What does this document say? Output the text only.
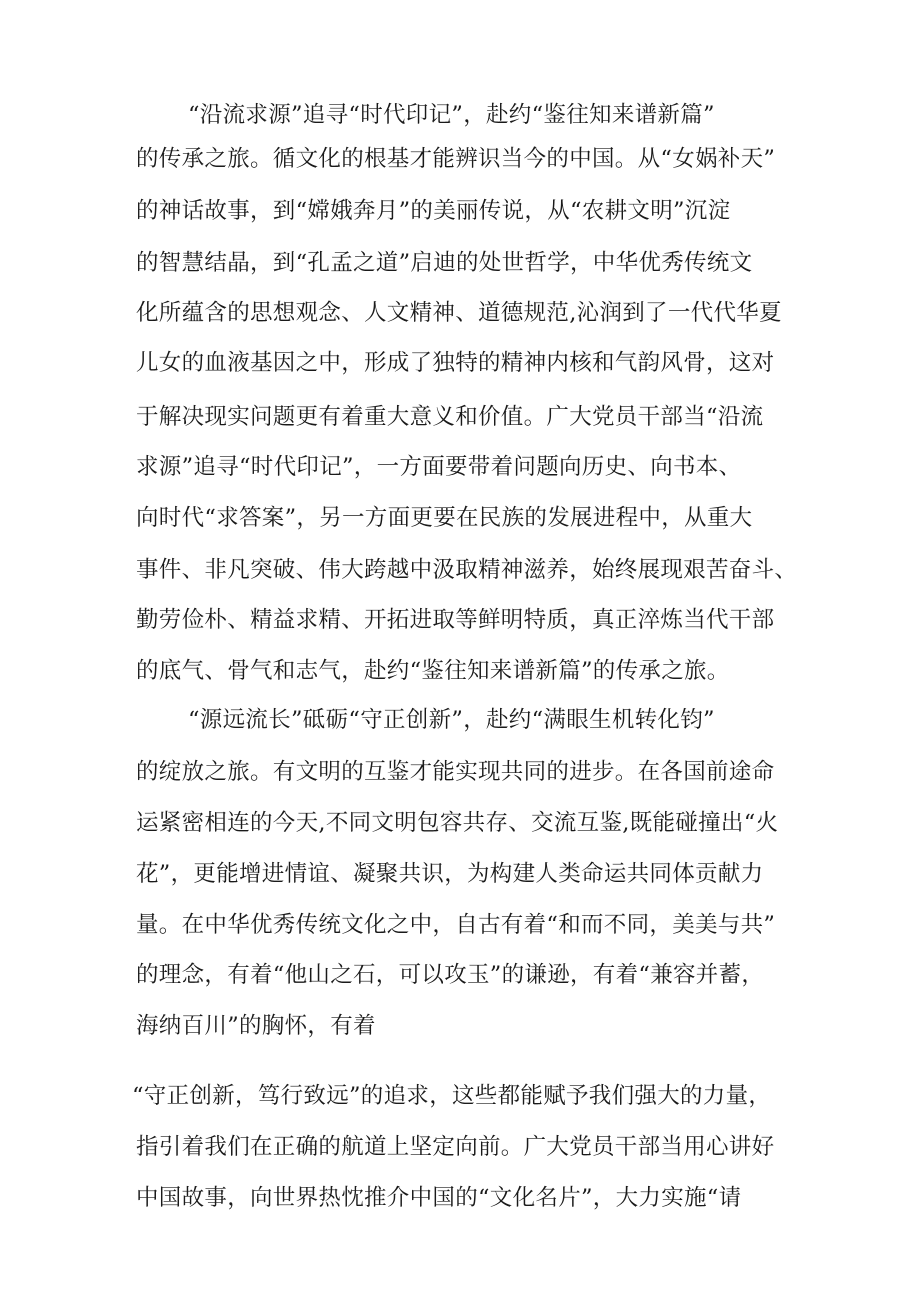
“沿流求源”追寻“时代印记”，赴约“鉴往知来谱新篇”
的传承之旅。循文化的根基才能辨识当今的中国。从“女娲补天”
的神话故事，到“嫦娥奔月”的美丽传说，从“农耕文明”沉淀
的智慧结晶，到“孔孟之道”启迪的处世哲学，中华优秀传统文
化所蕴含的思想观念、人文精神、道德规范,沁润到了一代代华夏
儿女的血液基因之中，形成了独特的精神内核和气韵风骨，这对
于解决现实问题更有着重大意义和价值。广大党员干部当“沿流
求源”追寻“时代印记”，一方面要带着问题向历史、向书本、
向时代“求答案”，另一方面更要在民族的发展进程中，从重大
事件、非凡突破、伟大跨越中汲取精神滋养，始终展现艰苦奋斗、
勤劳俭朴、精益求精、开拓进取等鲜明特质，真正淬炼当代干部
的底气、骨气和志气，赴约“鉴往知来谱新篇”的传承之旅。
“源远流长”砥砺“守正创新”，赴约“满眼生机转化钧”
的绽放之旅。有文明的互鉴才能实现共同的进步。在各国前途命
运紧密相连的今天,不同文明包容共存、交流互鉴,既能碰撞出“火
花”，更能增进情谊、凝聚共识，为构建人类命运共同体贡献力
量。在中华优秀传统文化之中，自古有着“和而不同，美美与共”
的理念，有着“他山之石，可以攻玉”的谦逊，有着“兼容并蓄，
海纳百川”的胸怀，有着
“守正创新，笃行致远”的追求，这些都能赋予我们强大的力量，
指引着我们在正确的航道上坚定向前。广大党员干部当用心讲好
中国故事，向世界热忱推介中国的“文化名片”，大力实施“请
